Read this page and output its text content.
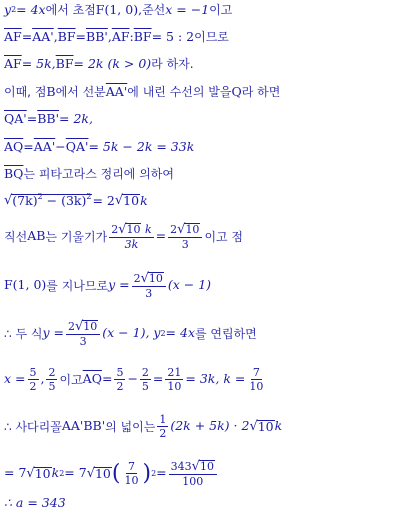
y 2 = 4x 에서 초점 F(1, 0), 준선 x = −1 이고
$\overline{AF} = AA'$ , $\overline{BF} = BB'$ , $\overline{AF}$ : $\overline{BF} = 5$ : 2 이므로
$\overline{AF} = 5k$, $\overline{BF} = 2k$ (k > 0) 라 하자.
이때, 점 B 에서 선분 AA' 에 내린 수선의 발을 Q 라 하면
QA' = BB' = 2k,
$\overline{AQ} = AA' - QA' = 5k - 2k = 33k$
$\overline{BQ}$ 는 피타고라스 정리에 의하여
√ $(7k)^2 - (3k)^2 = 2$ √ 10 k
직선 AB 는 기울기가 $\frac{2 √ 10 k}{3k} = \frac{2 √ 10}{3}$ 이고 점
F(1, 0) 를 지나므로 $y = \frac{2 √ 10}{3} (x - 1)$
∴ 두 식 $y = \frac{2 √ 10}{3} (x - 1)$, y 2 = 4x 를 연립하면
$x = \frac{5}{2}$ , $\frac{2}{5}$ 이고 $\overline{AQ} = \frac{5}{2} - \frac{2}{5} = \frac{21}{10} = 3k$, $k = \frac{7}{10}$
∴ 사다리꼴 AA'BB' 의 넓이는 $\frac{1}{2} (2k + 5k) \cdot 2$ √ 10 k
= 7 √ 10 k 2 = 7 √ 10 ( $\frac{7}{10}$ ) $2 = \frac{343 √ 10}{100}$
∴ a = 343
